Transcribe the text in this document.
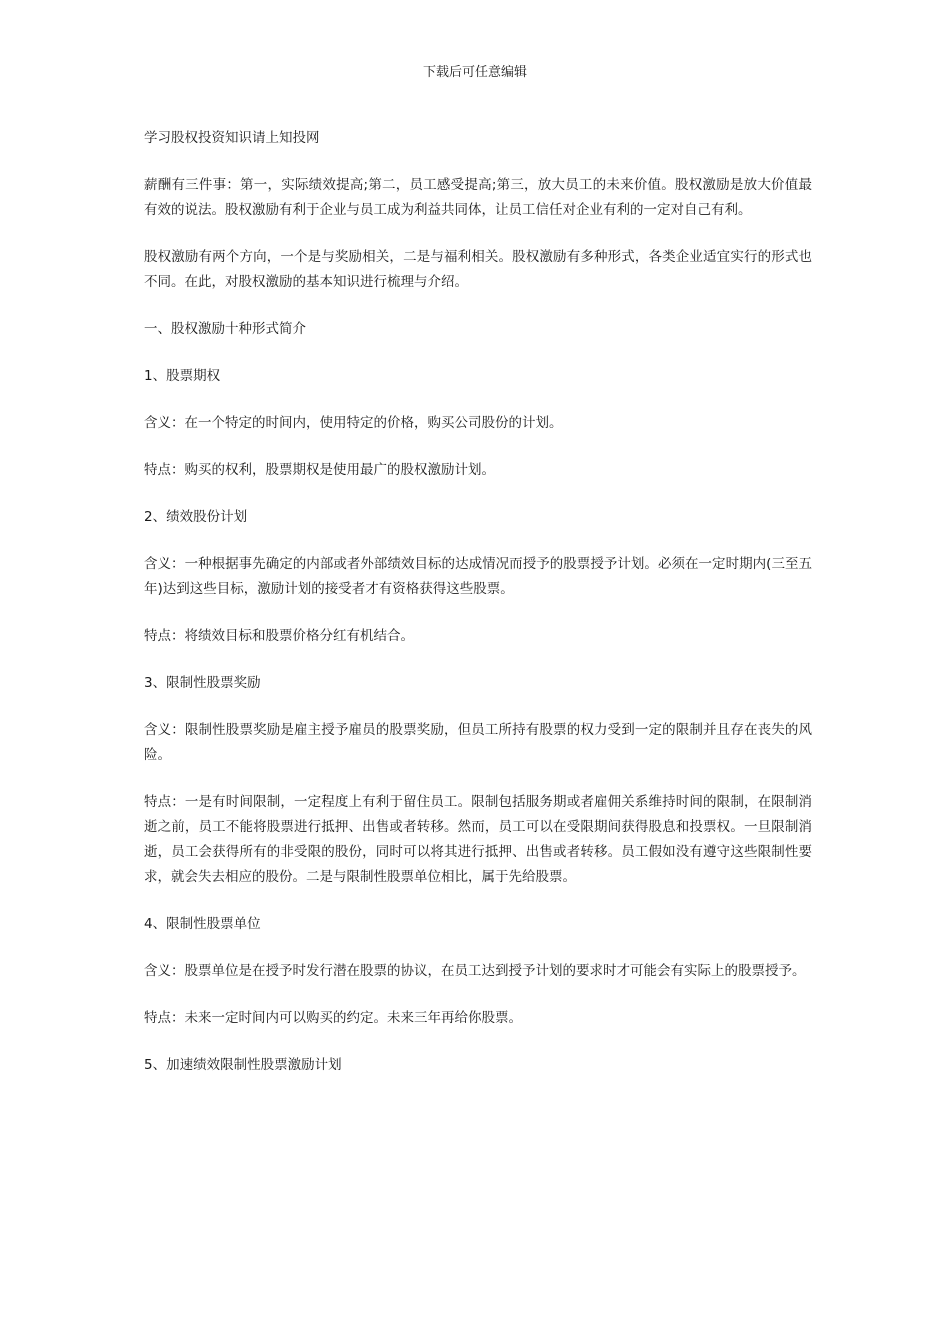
下载后可任意编辑

学习股权投资知识请上知投网

薪酬有三件事：第一，实际绩效提高;第二，员工感受提高;第三，放大员工的未来价值。股权激励是放大价值最有效的说法。股权激励有利于企业与员工成为利益共同体，让员工信任对企业有利的一定对自己有利。

股权激励有两个方向，一个是与奖励相关，二是与福利相关。股权激励有多种形式，各类企业适宜实行的形式也不同。在此，对股权激励的基本知识进行梳理与介绍。

一、股权激励十种形式简介

1、股票期权

含义：在一个特定的时间内，使用特定的价格，购买公司股份的计划。

特点：购买的权利，股票期权是使用最广的股权激励计划。

2、绩效股份计划

含义：一种根据事先确定的内部或者外部绩效目标的达成情况而授予的股票授予计划。必须在一定时期内(三至五年)达到这些目标，激励计划的接受者才有资格获得这些股票。

特点：将绩效目标和股票价格分红有机结合。

3、限制性股票奖励

含义：限制性股票奖励是雇主授予雇员的股票奖励，但员工所持有股票的权力受到一定的限制并且存在丧失的风险。

特点：一是有时间限制，一定程度上有利于留住员工。限制包括服务期或者雇佣关系维持时间的限制，在限制消逝之前，员工不能将股票进行抵押、出售或者转移。然而，员工可以在受限期间获得股息和投票权。一旦限制消逝，员工会获得所有的非受限的股份，同时可以将其进行抵押、出售或者转移。员工假如没有遵守这些限制性要求，就会失去相应的股份。二是与限制性股票单位相比，属于先给股票。

4、限制性股票单位

含义：股票单位是在授予时发行潜在股票的协议，在员工达到授予计划的要求时才可能会有实际上的股票授予。

特点：未来一定时间内可以购买的约定。未来三年再给你股票。

5、加速绩效限制性股票激励计划
